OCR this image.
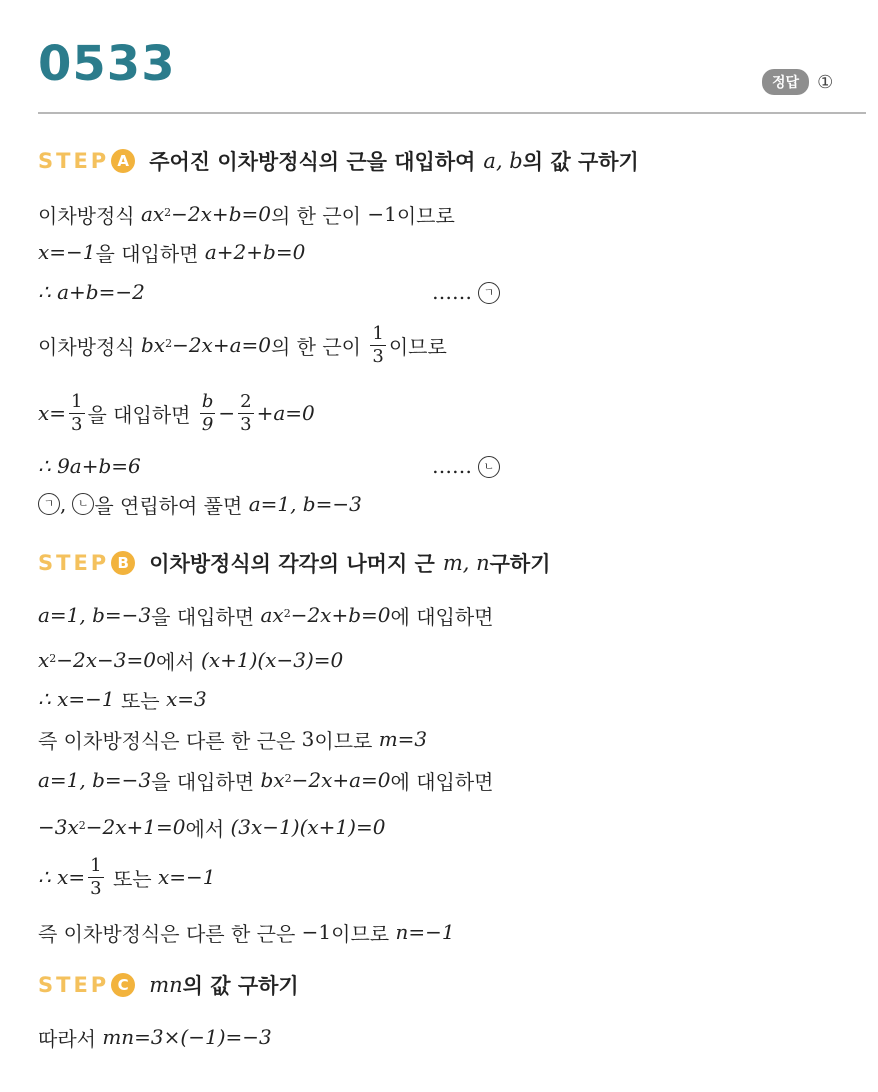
0533	정답	①
STEP A 주어진 이차방정식의 근을 대입하여 a, b 의 값 구하기
이차방정식
$ax^2 -2x+b=0$ 의 한 근이
−1 이므로
x=−1 을 대입하면
a+2+b=0
∴ a+b=−2	…… ㄱ
이차방정식
$bx^2 -2x+a=0$ 의 한 근이
$\frac{1}{3}$ 이므로
$x= \frac{1}{3}$ 을 대입하면
$\frac{b}{9} - \frac{2}{3} +a=0$
∴ 9a+b=6	…… ㄴ
ㄱ ,	ㄴ 을 연립하여 풀면
a=1, b=−3
STEP B 이차방정식의 각각의 나머지 근 m, n 구하기
a=1, b=−3 을 대입하면
$ax^2 -2x+b=0$ 에 대입하면
$x^2 -2x-3=0$ 에서
(x+1)(x−3)=0
∴ x=−1
또는
x=3
즉 이차방정식은 다른 한 근은
3 이므로
m=3
a=1, b=−3 을 대입하면
$bx^2 -2x+a=0$ 에 대입하면
$-3x^2 -2x+1=0$ 에서
(3x−1)(x+1)=0
∴ $x= \frac{1}{3}$
또는
x=−1
즉 이차방정식은 다른 한 근은
−1 이므로
n=−1
STEP C mn 의 값 구하기
따라서
mn=3×(−1)=−3
